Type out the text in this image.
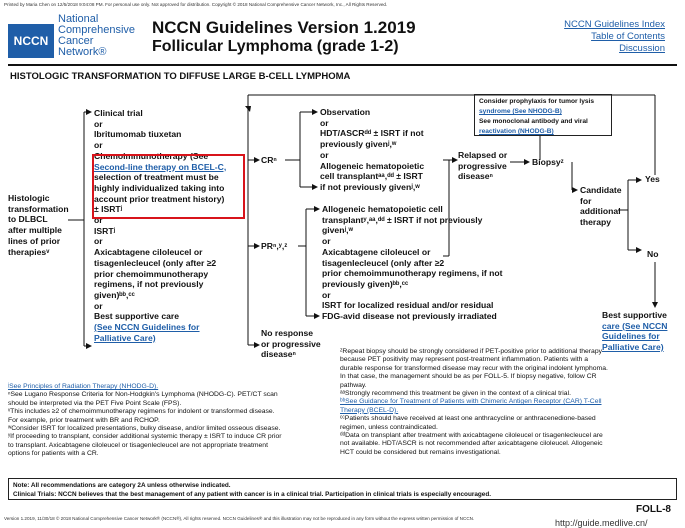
Printed by Maria Chen on 12/5/2018 9:04:08 PM. For personal use only. Not approved for distribution. Copyright © 2018 National Comprehensive Cancer Network, Inc., All Rights Reserved.
NCCN
National
Comprehensive
Cancer
Network®
NCCN Guidelines Version 1.2019
Follicular Lymphoma (grade 1-2)
NCCN Guidelines Index
Table of Contents
Discussion
HISTOLOGIC TRANSFORMATION TO DIFFUSE LARGE B-CELL LYMPHOMA
Histologic
transformation
to DLBCL
after multiple
lines of prior
therapiesᵛ
Clinical trial
or
Ibritumomab tiuxetan
or
Chemoimmunotherapy (See
Second-line therapy on BCEL-C,
selection of treatment must be
highly individualized taking into
account prior treatment history)
± ISRTʲ
or
ISRTʲ
or
Axicabtagene ciloleucel or
tisagenlecleucel (only after ≥2
prior chemoimmunotherapy
regimens, if not previously
given)ᵇᵇ,ᶜᶜ
or
Best supportive care
(See NCCN Guidelines for
Palliative Care)
CRⁿ
PRⁿ,ʸ,ᶻ
Observation
or
HDT/ASCRᵈᵈ ± ISRT if not
previously givenʲ,ʷ
or
Allogeneic hematopoietic
cell transplantᵃᵃ,ᵈᵈ ± ISRT
if not previously givenʲ,ʷ
Allogeneic hematopoietic cell
transplantʸ,ᵃᵃ,ᵈᵈ ± ISRT if not previously
givenʲ,ʷ
or
Axicabtagene ciloleucel or
tisagenlecleucel (only after ≥2
prior chemoimmunotherapy regimens, if not
previously given)ᵇᵇ,ᶜᶜ
or
ISRT for localized residual and/or residual
FDG-avid disease not previously irradiated
No response
or progressive
diseaseⁿ
Consider prophylaxis for tumor lysis
syndrome (See NHODG-B)
See monoclonal antibody and viral
reactivation (NHODG-B)
Relapsed or
progressive
diseaseⁿ
Biopsyᶻ
Candidate
for
additional
therapy
Yes
No
Best supportive
care (See NCCN
Guidelines for
Palliative Care)
ʲSee Principles of Radiation Therapy (NHODG-D).
ⁿSee Lugano Response Criteria for Non-Hodgkin's Lymphoma (NHODG-C). PET/CT scan
should be interpreted via the PET Five Point Scale (FPS).
ᵛThis includes ≥2 of chemoimmunotherapy regimens for indolent or transformed disease.
For example, prior treatment with BR and RCHOP.
ʷConsider ISRT for localized presentations, bulky disease, and/or limited osseous disease.
ʸIf proceeding to transplant, consider additional systemic therapy ± ISRT to induce CR prior
to transplant. Axicabtagene ciloleucel or tisagenlecleucel are not appropriate treatment
options for patients with a CR.
ᶻRepeat biopsy should be strongly considered if PET-positive prior to additional therapy
because PET positivity may represent post-treatment inflammation. Patients with a
durable response for transformed disease may recur with the original indolent lymphoma.
In that case, the management should be as per FOLL-5. If biopsy negative, follow CR
pathway.
ᵃᵃStrongly recommend this treatment be given in the context of a clinical trial.
ᵇᵇSee Guidance for Treatment of Patients with Chimeric Antigen Receptor (CAR) T-Cell
Therapy (BCEL-D).
ᶜᶜPatients should have received at least one anthracycline or anthracenedione-based
regimen, unless contraindicated.
ᵈᵈData on transplant after treatment with axicabtagene ciloleucel or tisagenlecleucel are
not available. HDT/ASCR is not recommended after axicabtagene ciloleucel. Allogeneic
HCT could be considered but remains investigational.
Note: All recommendations are category 2A unless otherwise indicated.
Clinical Trials: NCCN believes that the best management of any patient with cancer is in a clinical trial. Participation in clinical trials is especially encouraged.
FOLL-8
Version 1.2019, 11/30/18 © 2018 National Comprehensive Cancer Network® (NCCN®), All rights reserved. NCCN Guidelines® and this illustration may not be reproduced in any form without the express written permission of NCCN.	http://guide.medlive.cn/
